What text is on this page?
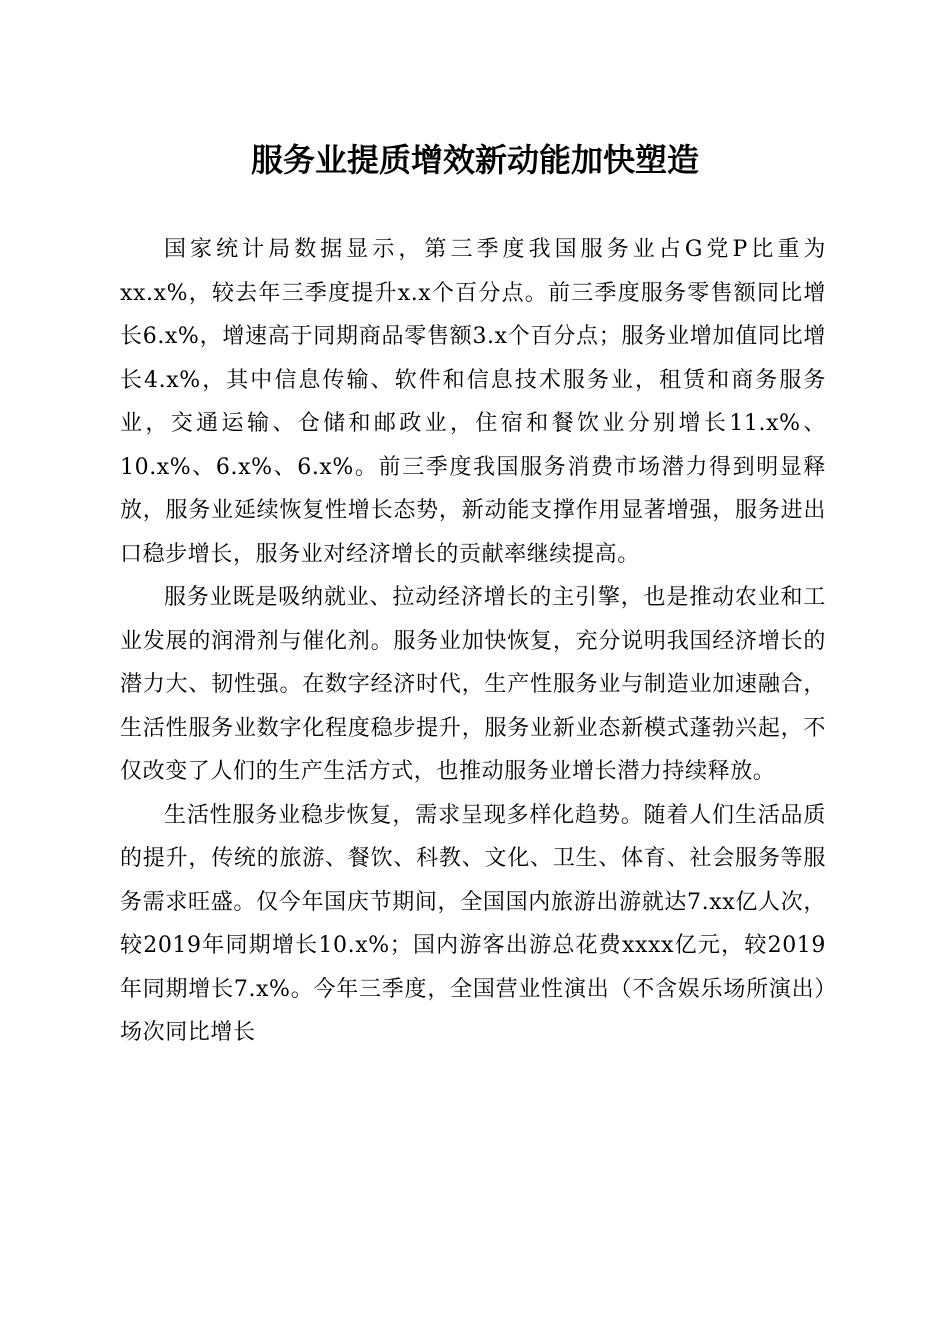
服务业提质增效新动能加快塑造

国家统计局数据显示，第三季度我国服务业占G党P比重为xx.x%，较去年三季度提升x.x个百分点。前三季度服务零售额同比增长6.x%，增速高于同期商品零售额3.x个百分点；服务业增加值同比增长4.x%，其中信息传输、软件和信息技术服务业，租赁和商务服务业，交通运输、仓储和邮政业，住宿和餐饮业分别增长11.x%、10.x%、6.x%、6.x%。前三季度我国服务消费市场潜力得到明显释放，服务业延续恢复性增长态势，新动能支撑作用显著增强，服务进出口稳步增长，服务业对经济增长的贡献率继续提高。

服务业既是吸纳就业、拉动经济增长的主引擎，也是推动农业和工业发展的润滑剂与催化剂。服务业加快恢复，充分说明我国经济增长的潜力大、韧性强。在数字经济时代，生产性服务业与制造业加速融合，生活性服务业数字化程度稳步提升，服务业新业态新模式蓬勃兴起，不仅改变了人们的生产生活方式，也推动服务业增长潜力持续释放。

生活性服务业稳步恢复，需求呈现多样化趋势。随着人们生活品质的提升，传统的旅游、餐饮、科教、文化、卫生、体育、社会服务等服务需求旺盛。仅今年国庆节期间，全国国内旅游出游就达7.xx亿人次，较2019年同期增长10.x%；国内游客出游总花费xxxx亿元，较2019年同期增长7.x%。今年三季度，全国营业性演出（不含娱乐场所演出）场次同比增长
